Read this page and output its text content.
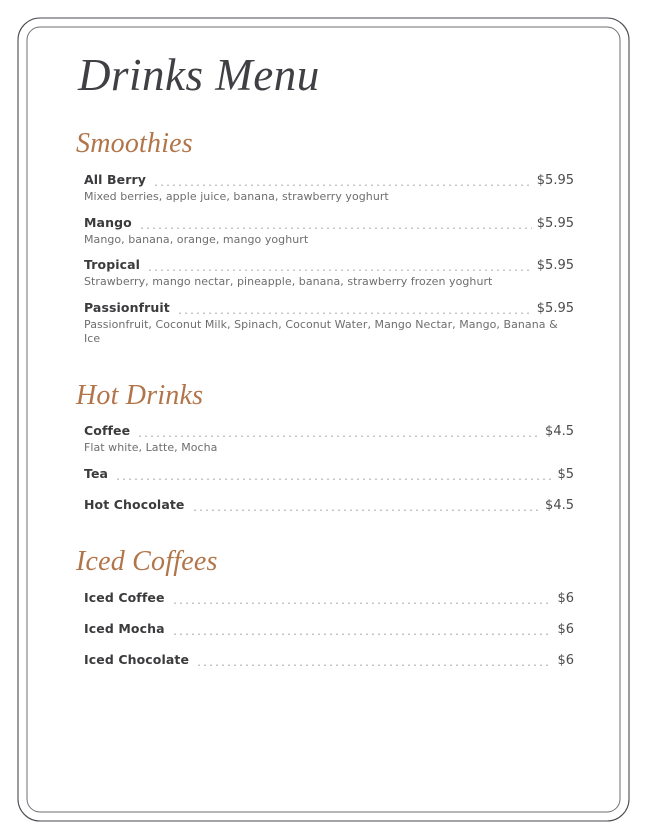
Drinks Menu
Smoothies
All Berry	$5.95
Mixed berries, apple juice, banana, strawberry yoghurt
Mango	$5.95
Mango, banana, orange, mango yoghurt
Tropical	$5.95
Strawberry, mango nectar, pineapple, banana, strawberry frozen yoghurt
Passionfruit	$5.95
Passionfruit, Coconut Milk, Spinach, Coconut Water, Mango Nectar, Mango, Banana & Ice
Hot Drinks
Coffee	$4.5
Flat white, Latte, Mocha
Tea	$5
Hot Chocolate	$4.5
Iced Coffees
Iced Coffee	$6
Iced Mocha	$6
Iced Chocolate	$6
